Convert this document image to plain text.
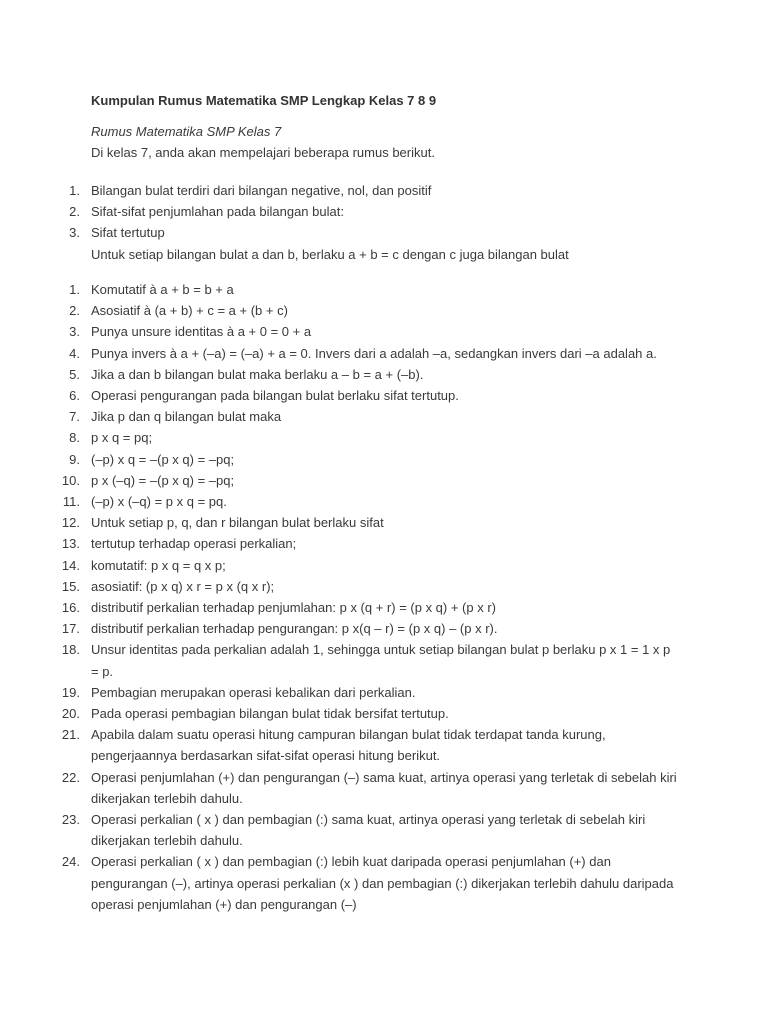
Kumpulan Rumus Matematika SMP Lengkap Kelas 7 8 9
Rumus Matematika SMP Kelas 7
Di kelas 7, anda akan mempelajari beberapa rumus berikut.
1. Bilangan bulat terdiri dari bilangan negative, nol, dan positif
2. Sifat-sifat penjumlahan pada bilangan bulat:
3. Sifat tertutup
Untuk setiap bilangan bulat a dan b, berlaku a + b = c dengan c juga bilangan bulat
1. Komutatif à a + b = b + a
2. Asosiatif à (a + b) + c = a + (b + c)
3. Punya unsure identitas à a + 0 = 0 + a
4. Punya invers à a + (–a) = (–a) + a = 0. Invers dari a adalah –a, sedangkan invers dari –a adalah a.
5. Jika a dan b bilangan bulat maka berlaku a – b = a + (–b).
6. Operasi pengurangan pada bilangan bulat berlaku sifat tertutup.
7. Jika p dan q bilangan bulat maka
8. p x q = pq;
9. (–p) x q = –(p x q) = –pq;
10. p x (–q) = –(p x q) = –pq;
11. (–p) x (–q) = p x q = pq.
12. Untuk setiap p, q, dan r bilangan bulat berlaku sifat
13. tertutup terhadap operasi perkalian;
14. komutatif: p x q = q x p;
15. asosiatif: (p x q) x r = p x (q x r);
16. distributif perkalian terhadap penjumlahan: p x (q + r) = (p x q) + (p x r)
17. distributif perkalian terhadap pengurangan: p x(q – r) = (p x q) – (p x r).
18. Unsur identitas pada perkalian adalah 1, sehingga untuk setiap bilangan bulat p berlaku p x 1 = 1 x p = p.
19. Pembagian merupakan operasi kebalikan dari perkalian.
20. Pada operasi pembagian bilangan bulat tidak bersifat tertutup.
21. Apabila dalam suatu operasi hitung campuran bilangan bulat tidak terdapat tanda kurung, pengerjaannya berdasarkan sifat-sifat operasi hitung berikut.
22. Operasi penjumlahan (+) dan pengurangan (–) sama kuat, artinya operasi yang terletak di sebelah kiri dikerjakan terlebih dahulu.
23. Operasi perkalian ( x ) dan pembagian (:) sama kuat, artinya operasi yang terletak di sebelah kiri dikerjakan terlebih dahulu.
24. Operasi perkalian ( x ) dan pembagian (:) lebih kuat daripada operasi penjumlahan (+) dan pengurangan (–), artinya operasi perkalian (x ) dan pembagian (:) dikerjakan terlebih dahulu daripada operasi penjumlahan (+) dan pengurangan (–)
